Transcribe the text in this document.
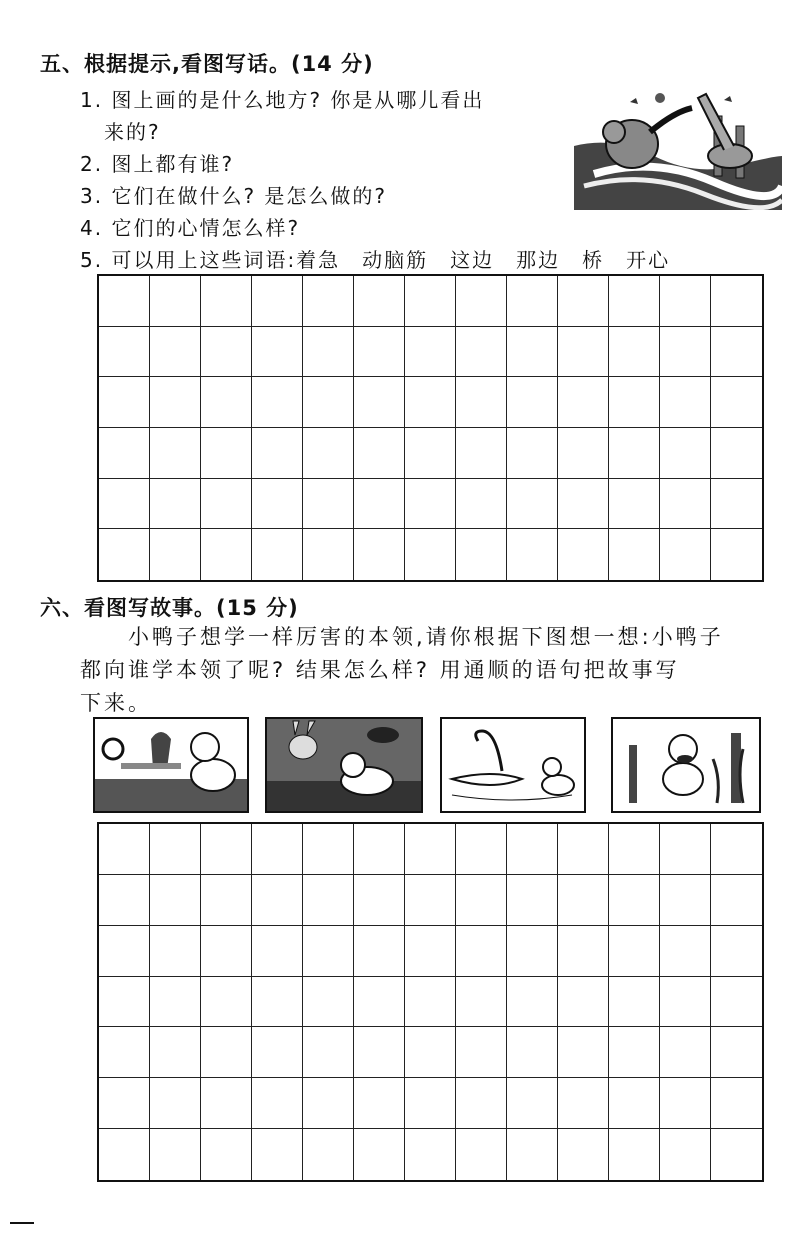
五、根据提示,看图写话。(14 分)
1. 图上画的是什么地方? 你是从哪儿看出
来的?
2. 图上都有谁?
3. 它们在做什么? 是怎么做的?
4. 它们的心情怎么样?
5. 可以用上这些词语:着急　动脑筋　这边　那边　桥　开心
六、看图写故事。(15 分)
　　小鸭子想学一样厉害的本领,请你根据下图想一想:小鸭子
都向谁学本领了呢? 结果怎么样? 用通顺的语句把故事写
下来。
